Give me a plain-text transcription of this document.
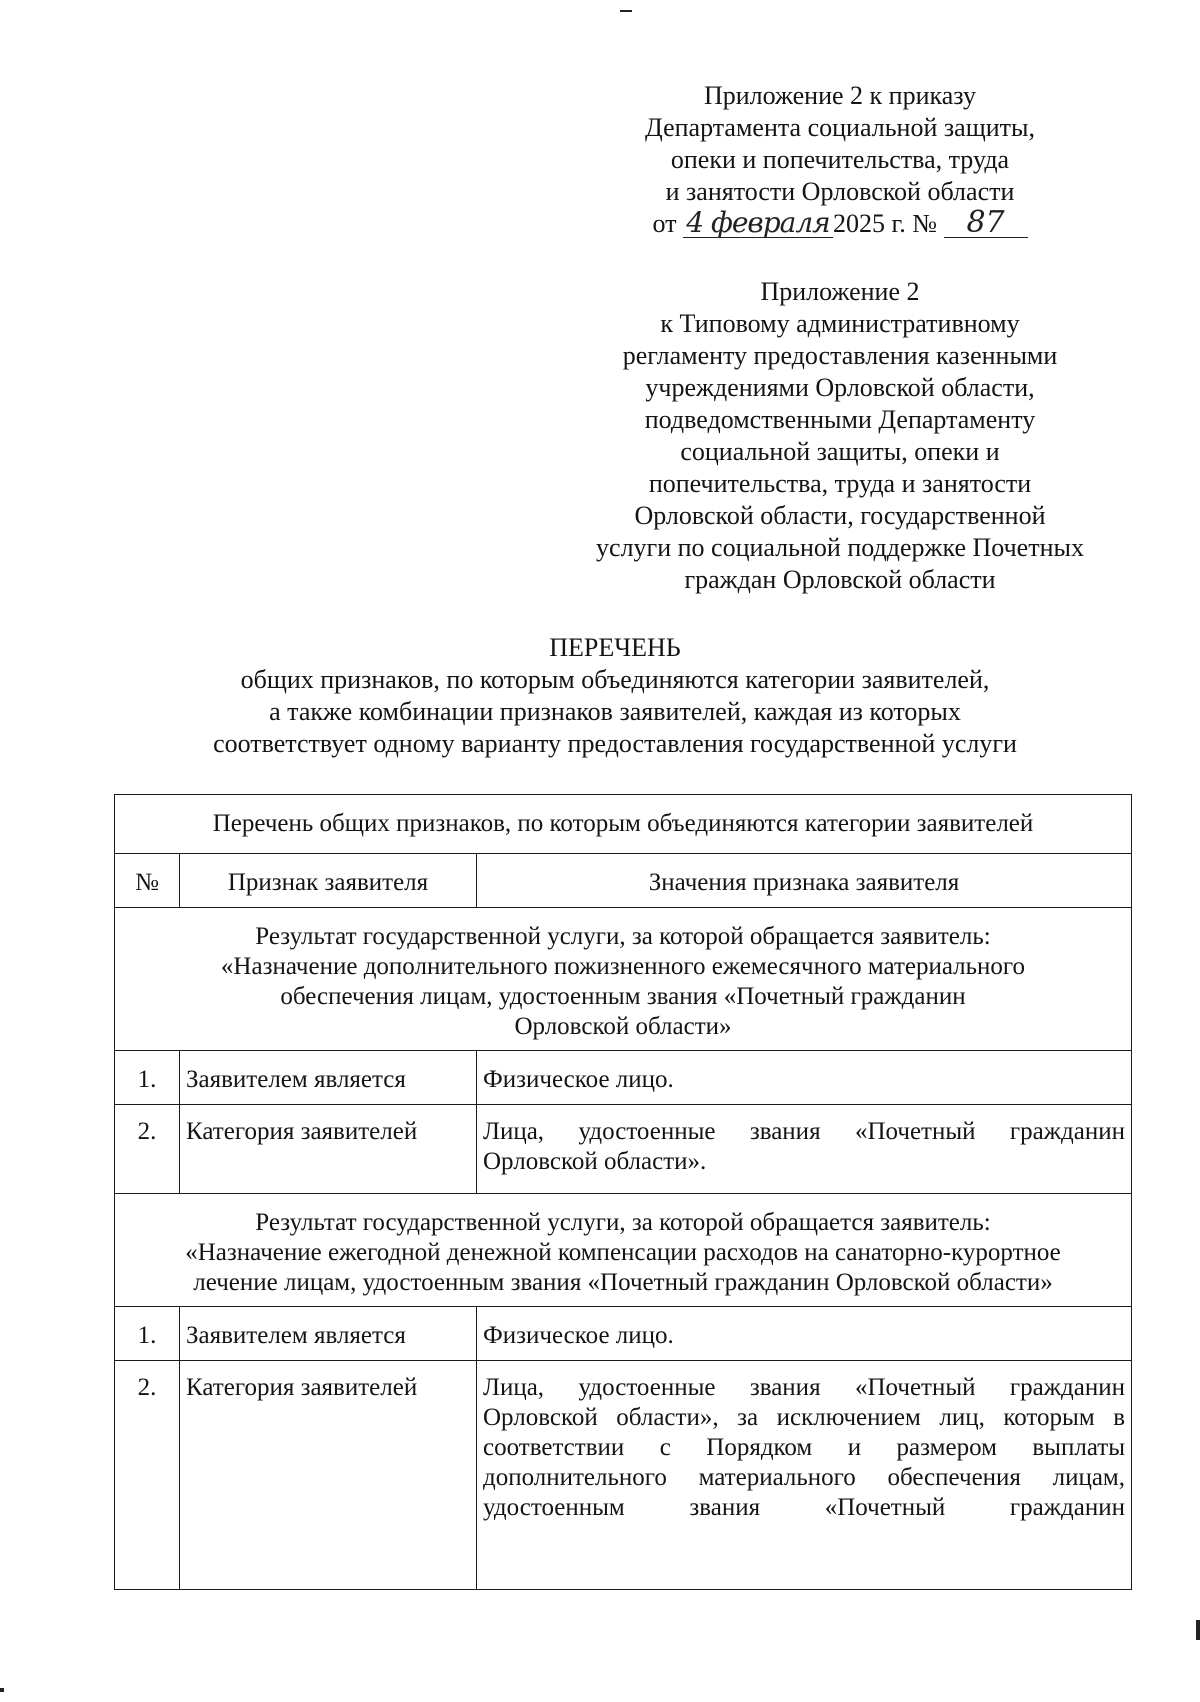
Приложение 2 к приказу
Департамента социальной защиты,
опеки и попечительства, труда
и занятости Орловской области
от 4 февраля 2025 г. № 87
Приложение 2
к Типовому административному
регламенту предоставления казенными
учреждениями Орловской области,
подведомственными Департаменту
социальной защиты, опеки и
попечительства, труда и занятости
Орловской области, государственной
услуги по социальной поддержке Почетных
граждан Орловской области
ПЕРЕЧЕНЬ
общих признаков, по которым объединяются категории заявителей,
а также комбинации признаков заявителей, каждая из которых
соответствует одному варианту предоставления государственной услуги
Перечень общих признаков, по которым объединяются категории заявителей		

№	Признак заявителя	Значения признака заявителя

Результат государственной услуги, за которой обращается заявитель:
«Назначение дополнительного пожизненного ежемесячного материального
обеспечения лицам, удостоенным звания «Почетный гражданин
Орловской области»		

1.	Заявителем является	Физическое лицо.

2.	Категория заявителей	Лица, удостоенные звания «Почетный гражданин Орловской области».

Результат государственной услуги, за которой обращается заявитель:
«Назначение ежегодной денежной компенсации расходов на санаторно-курортное
лечение лицам, удостоенным звания «Почетный гражданин Орловской области»		

1.	Заявителем является	Физическое лицо.

2.	Категория заявителей	Лица, удостоенные звания «Почетный гражданин Орловской области», за исключением лиц, которым в соответствии с Порядком и размером выплаты дополнительного материального обеспечения лицам, удостоенным звания «Почетный гражданин
